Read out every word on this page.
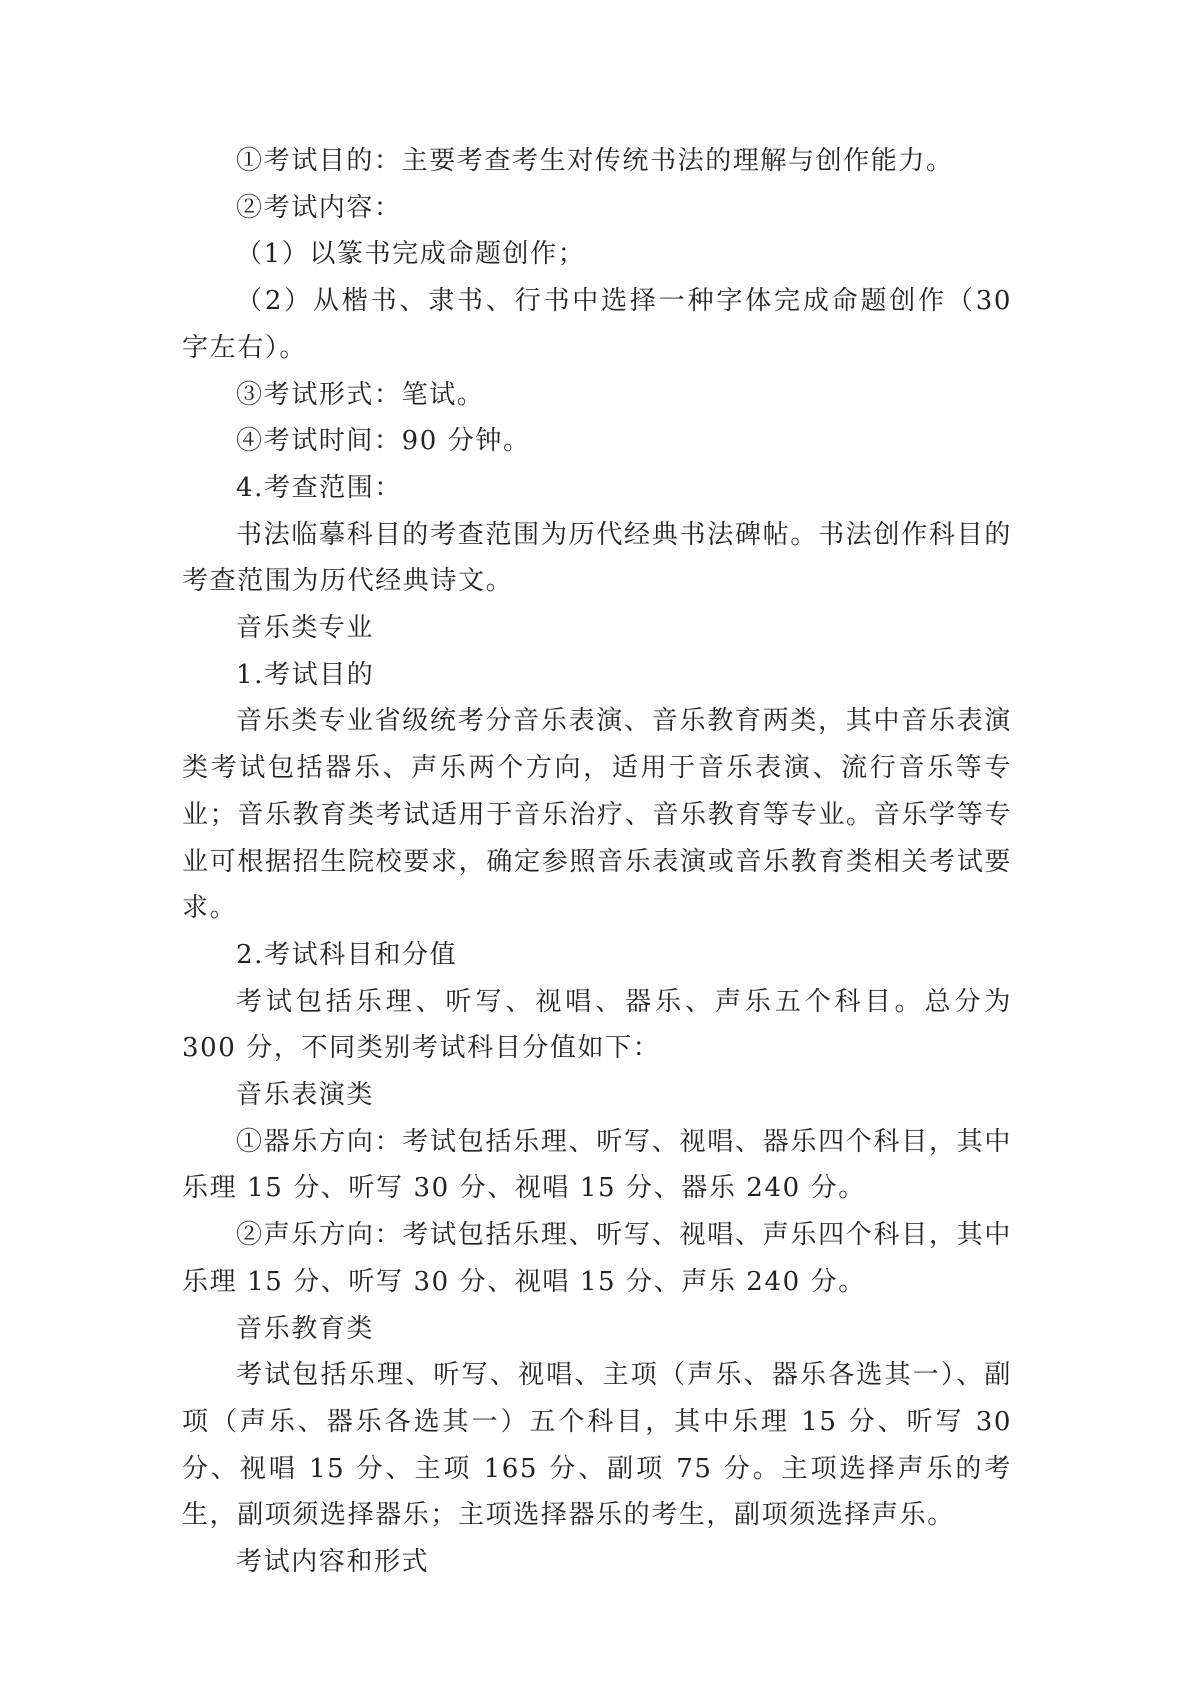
①考试目的：主要考查考生对传统书法的理解与创作能力。

②考试内容：

（1）以篆书完成命题创作；

（2）从楷书、隶书、行书中选择一种字体完成命题创作（30 字左右）。

③考试形式：笔试。

④考试时间：90 分钟。

4.考查范围：

书法临摹科目的考查范围为历代经典书法碑帖。书法创作科目的考查范围为历代经典诗文。

音乐类专业

1.考试目的

音乐类专业省级统考分音乐表演、音乐教育两类，其中音乐表演类考试包括器乐、声乐两个方向，适用于音乐表演、流行音乐等专业；音乐教育类考试适用于音乐治疗、音乐教育等专业。音乐学等专业可根据招生院校要求，确定参照音乐表演或音乐教育类相关考试要求。

2.考试科目和分值

考试包括乐理、听写、视唱、器乐、声乐五个科目。总分为 300 分，不同类别考试科目分值如下：

音乐表演类

①器乐方向：考试包括乐理、听写、视唱、器乐四个科目，其中乐理 15 分、听写 30 分、视唱 15 分、器乐 240 分。

②声乐方向：考试包括乐理、听写、视唱、声乐四个科目，其中乐理 15 分、听写 30 分、视唱 15 分、声乐 240 分。

音乐教育类

考试包括乐理、听写、视唱、主项（声乐、器乐各选其一）、副项（声乐、器乐各选其一）五个科目，其中乐理 15 分、听写 30 分、视唱 15 分、主项 165 分、副项 75 分。主项选择声乐的考生，副项须选择器乐；主项选择器乐的考生，副项须选择声乐。

考试内容和形式
